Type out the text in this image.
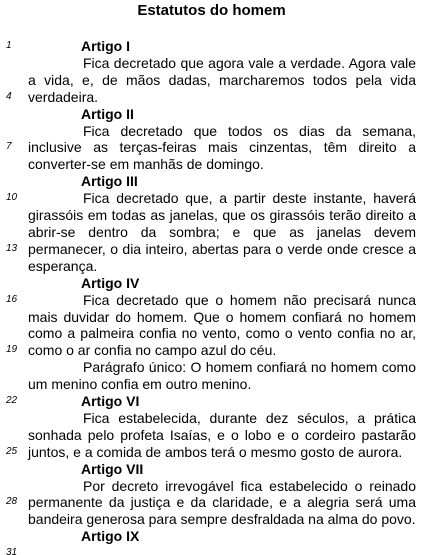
Estatutos do homem
1
4
7
10
13
16
19
22
25
28
31
Artigo I

Fica decretado que agora vale a verdade. Agora vale a vida, e, de mãos dadas, marcharemos todos pela vida verdadeira.

Artigo II

Fica decretado que todos os dias da semana, inclusive as terças-feiras mais cinzentas, têm direito a converter-se em manhãs de domingo.

Artigo III

Fica decretado que, a partir deste instante, haverá girassóis em todas as janelas, que os girassóis terão direito a abrir-se dentro da sombra; e que as janelas devem permanecer, o dia inteiro, abertas para o verde onde cresce a esperança.

Artigo IV

Fica decretado que o homem não precisará nunca mais duvidar do homem. Que o homem confiará no homem como a palmeira confia no vento, como o vento confia no ar, como o ar confia no campo azul do céu.

Parágrafo único: O homem confiará no homem como um menino confia em outro menino.

Artigo VI

Fica estabelecida, durante dez séculos, a prática sonhada pelo profeta Isaías, e o lobo e o cordeiro pastarão juntos, e a comida de ambos terá o mesmo gosto de aurora.

Artigo VII

Por decreto irrevogável fica estabelecido o reinado permanente da justiça e da claridade, e a alegria será uma bandeira generosa para sempre desfraldada na alma do povo.

Artigo IX
